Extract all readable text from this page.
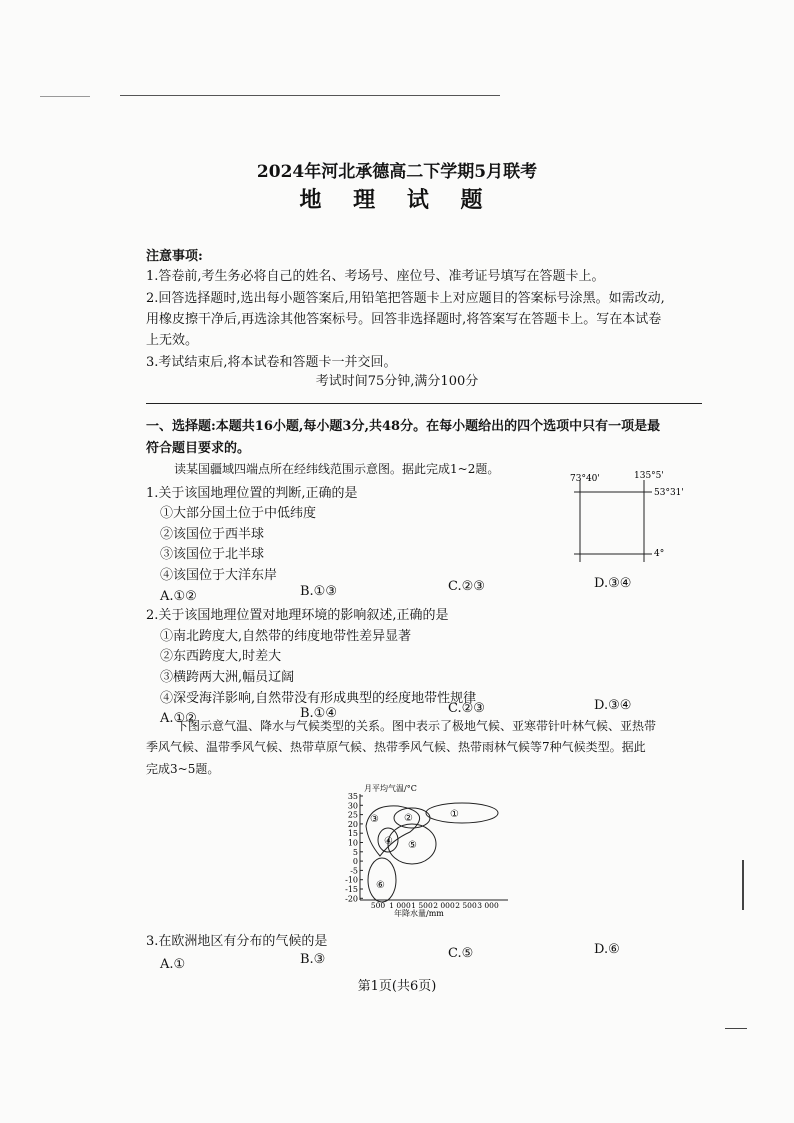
2024年河北承德高二下学期5月联考
地 理 试 题
注意事项:
1.答卷前,考生务必将自己的姓名、考场号、座位号、准考证号填写在答题卡上。
2.回答选择题时,选出每小题答案后,用铅笔把答题卡上对应题目的答案标号涂黑。如需改动,
用橡皮擦干净后,再选涂其他答案标号。回答非选择题时,将答案写在答题卡上。写在本试卷
上无效。
3.考试结束后,将本试卷和答题卡一并交回。
考试时间75分钟,满分100分
一、选择题:本题共16小题,每小题3分,共48分。在每小题给出的四个选项中只有一项是最
符合题目要求的。
读某国疆域四端点所在经纬线范围示意图。据此完成1~2题。
1.关于该国地理位置的判断,正确的是
①大部分国土位于中低纬度
②该国位于西半球
③该国位于北半球
④该国位于大洋东岸
A.①②	B.①③	C.②③	D.③④
73°40'	135°5'
53°31'
4°
2.关于该国地理位置对地理环境的影响叙述,正确的是
①南北跨度大,自然带的纬度地带性差异显著
②东西跨度大,时差大
③横跨两大洲,幅员辽阔
④深受海洋影响,自然带没有形成典型的经度地带性规律
A.①②	B.①④	C.②③	D.③④
下图示意气温、降水与气候类型的关系。图中表示了极地气候、亚寒带针叶林气候、亚热带
季风气候、温带季风气候、热带草原气候、热带季风气候、热带雨林气候等7种气候类型。据此
完成3~5题。
月平均气温/°C
35
30
25
20
15
10
5
0
-5
-10
-15
-20
500 1 000 1 500 2 000 2 500 3 000
①
②
③
④ ⑤
⑥
年降水量/mm
3.在欧洲地区有分布的气候的是
A.①	B.③	C.⑤	D.⑥
第1页(共6页)
